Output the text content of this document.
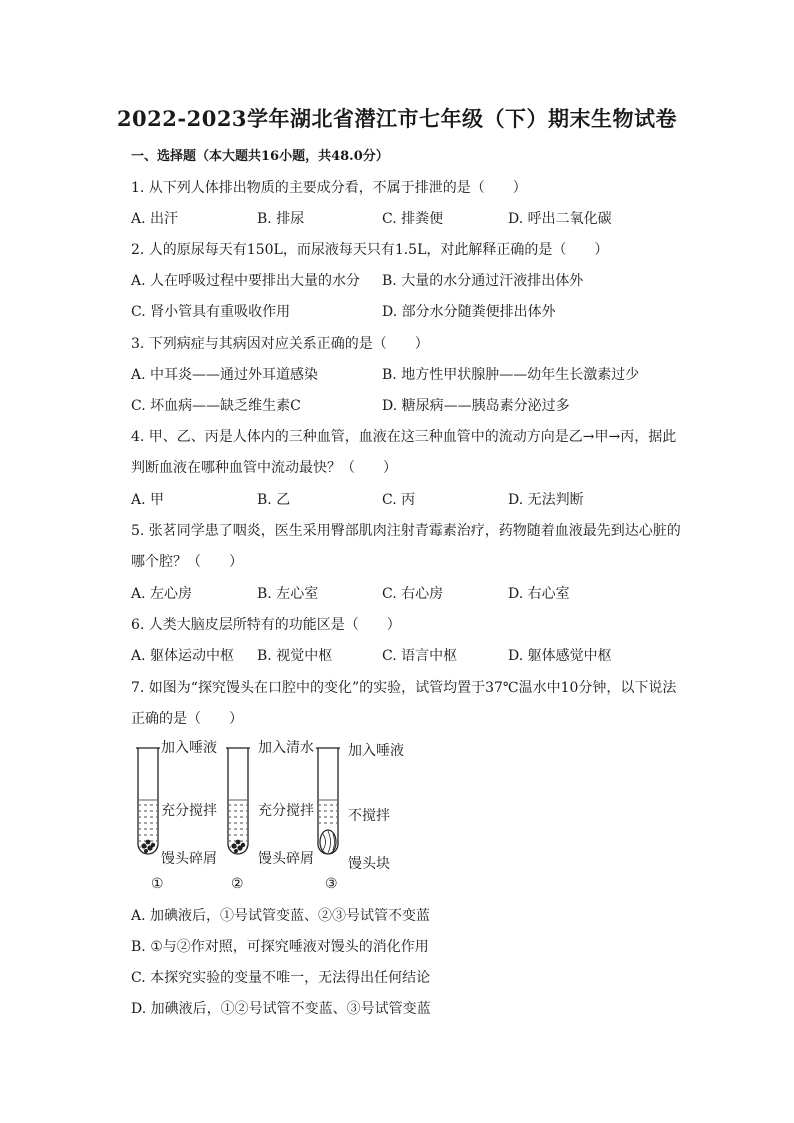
2022-2023学年湖北省潜江市七年级（下）期末生物试卷
一、选择题（本大题共16小题，共48.0分）
1. 从下列人体排出物质的主要成分看，不属于排泄的是（　　）
A. 出汗	B. 排尿	C. 排粪便	D. 呼出二氧化碳
2. 人的原尿每天有150L，而尿液每天只有1.5L，对此解释正确的是（　　）
A. 人在呼吸过程中要排出大量的水分 B. 大量的水分通过汗液排出体外
C. 肾小管具有重吸收作用	D. 部分水分随粪便排出体外
3. 下列病症与其病因对应关系正确的是（　　）
A. 中耳炎——通过外耳道感染	B. 地方性甲状腺肿——幼年生长激素过少
C. 坏血病——缺乏维生素C	D. 糖尿病——胰岛素分泌过多
4. 甲、乙、丙是人体内的三种血管，血液在这三种血管中的流动方向是乙→甲→丙，据此
判断血液在哪种血管中流动最快？（　　）
A. 甲	B. 乙	C. 丙	D. 无法判断
5. 张茗同学患了咽炎，医生采用臀部肌肉注射青霉素治疗，药物随着血液最先到达心脏的
哪个腔？（　　）
A. 左心房	B. 左心室	C. 右心房	D. 右心室
6. 人类大脑皮层所特有的功能区是（　　）
A. 躯体运动中枢 B. 视觉中枢	C. 语言中枢	D. 躯体感觉中枢
7. 如图为“探究馒头在口腔中的变化”的实验，试管均置于37℃温水中10分钟，以下说法
正确的是（　　）
加入唾液
充分搅拌
馒头碎屑
①
加入清水
充分搅拌
馒头碎屑
②
加入唾液
不搅拌
馒头块
③
A. 加碘液后，①号试管变蓝、②③号试管不变蓝
B. ①与②作对照，可探究唾液对馒头的消化作用
C. 本探究实验的变量不唯一，无法得出任何结论
D. 加碘液后，①②号试管不变蓝、③号试管变蓝
